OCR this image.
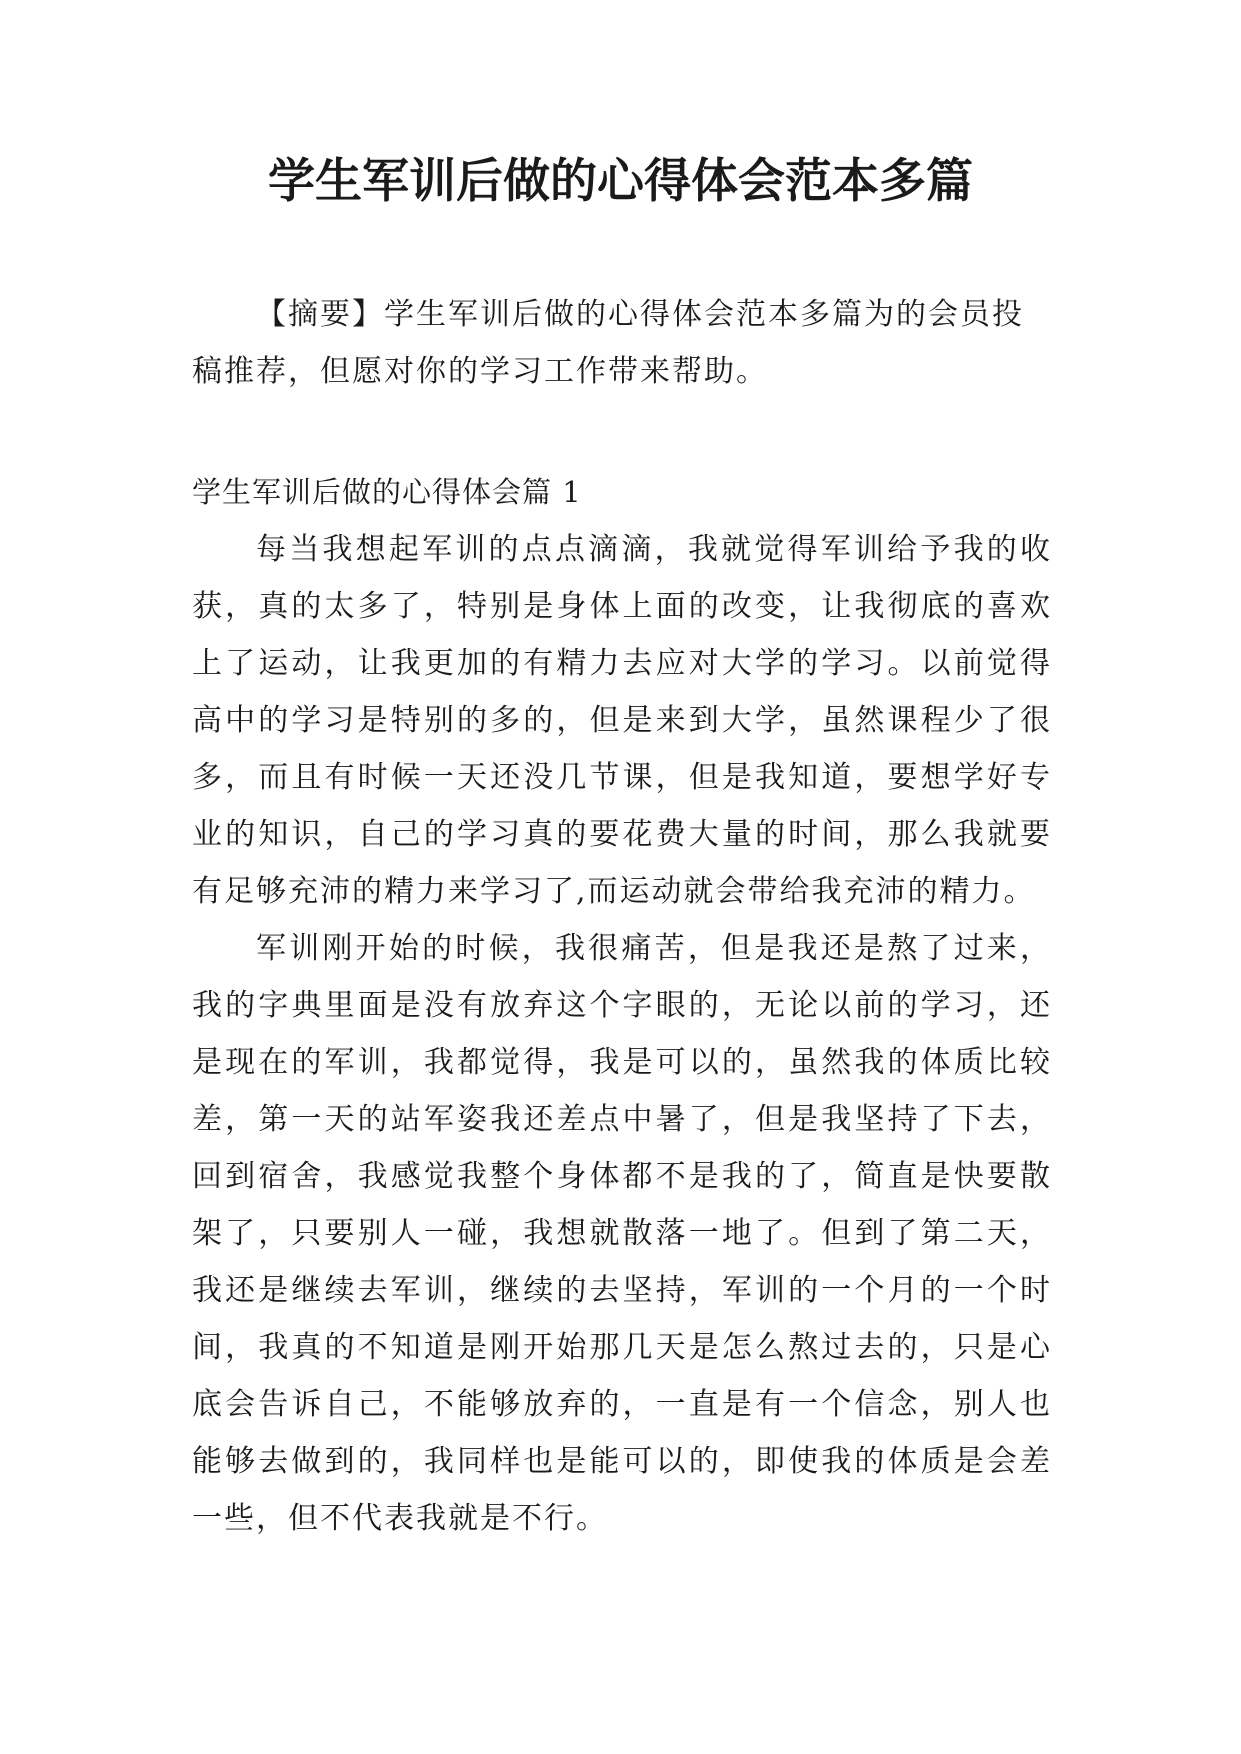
学生军训后做的心得体会范本多篇

【摘要】学生军训后做的心得体会范本多篇为的会员投稿推荐，但愿对你的学习工作带来帮助。

学生军训后做的心得体会篇 1

每当我想起军训的点点滴滴，我就觉得军训给予我的收获，真的太多了，特别是身体上面的改变，让我彻底的喜欢上了运动，让我更加的有精力去应对大学的学习。以前觉得高中的学习是特别的多的，但是来到大学，虽然课程少了很多，而且有时候一天还没几节课，但是我知道，要想学好专业的知识，自己的学习真的要花费大量的时间，那么我就要有足够充沛的精力来学习了,而运动就会带给我充沛的精力。

军训刚开始的时候，我很痛苦，但是我还是熬了过来，我的字典里面是没有放弃这个字眼的，无论以前的学习，还是现在的军训，我都觉得，我是可以的，虽然我的体质比较差，第一天的站军姿我还差点中暑了，但是我坚持了下去，回到宿舍，我感觉我整个身体都不是我的了，简直是快要散架了，只要别人一碰，我想就散落一地了。但到了第二天，我还是继续去军训，继续的去坚持，军训的一个月的一个时间，我真的不知道是刚开始那几天是怎么熬过去的，只是心底会告诉自己，不能够放弃的，一直是有一个信念，别人也能够去做到的，我同样也是能可以的，即使我的体质是会差一些，但不代表我就是不行。
